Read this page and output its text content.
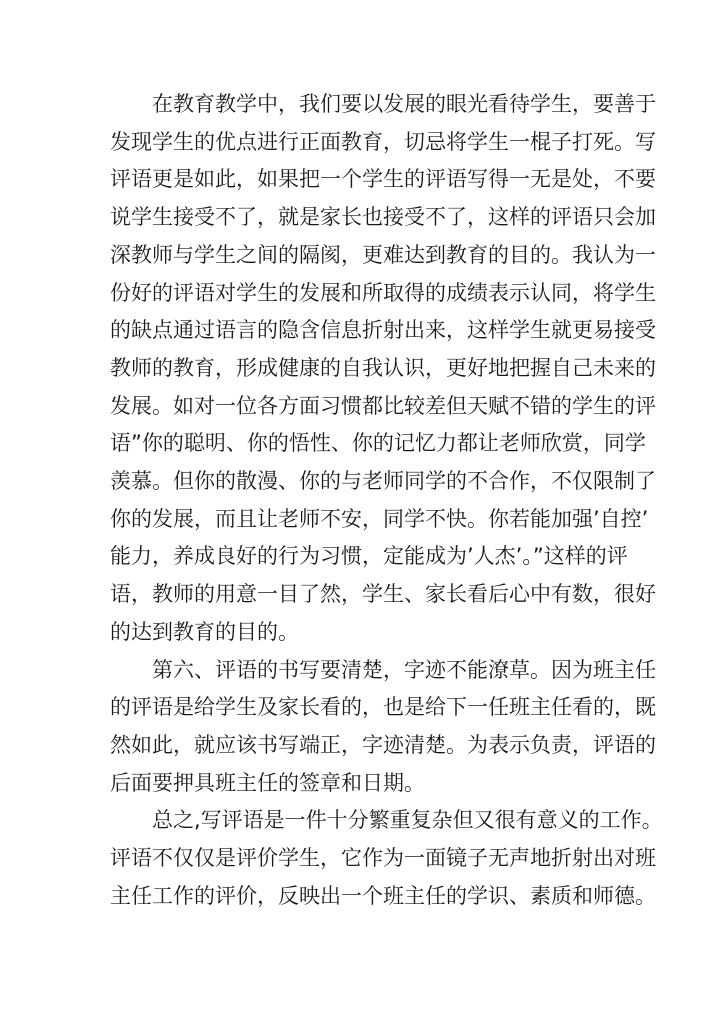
在教育教学中，我们要以发展的眼光看待学生，要善于
发现学生的优点进行正面教育，切忌将学生一棍子打死。写
评语更是如此，如果把一个学生的评语写得一无是处，不要
说学生接受不了，就是家长也接受不了，这样的评语只会加
深教师与学生之间的隔阂，更难达到教育的目的。我认为一
份好的评语对学生的发展和所取得的成绩表示认同，将学生
的缺点通过语言的隐含信息折射出来，这样学生就更易接受
教师的教育，形成健康的自我认识，更好地把握自己未来的
发展。如对一位各方面习惯都比较差但天赋不错的学生的评
语”你的聪明、你的悟性、你的记忆力都让老师欣赏，同学
羡慕。但你的散漫、你的与老师同学的不合作，不仅限制了
你的发展，而且让老师不安，同学不快。你若能加强’自控’
能力，养成良好的行为习惯，定能成为’人杰’。”这样的评
语，教师的用意一目了然，学生、家长看后心中有数，很好
的达到教育的目的。

第六、评语的书写要清楚，字迹不能潦草。因为班主任
的评语是给学生及家长看的，也是给下一任班主任看的，既
然如此，就应该书写端正，字迹清楚。为表示负责，评语的
后面要押具班主任的签章和日期。

总之,写评语是一件十分繁重复杂但又很有意义的工作。
评语不仅仅是评价学生，它作为一面镜子无声地折射出对班
主任工作的评价，反映出一个班主任的学识、素质和师德。
